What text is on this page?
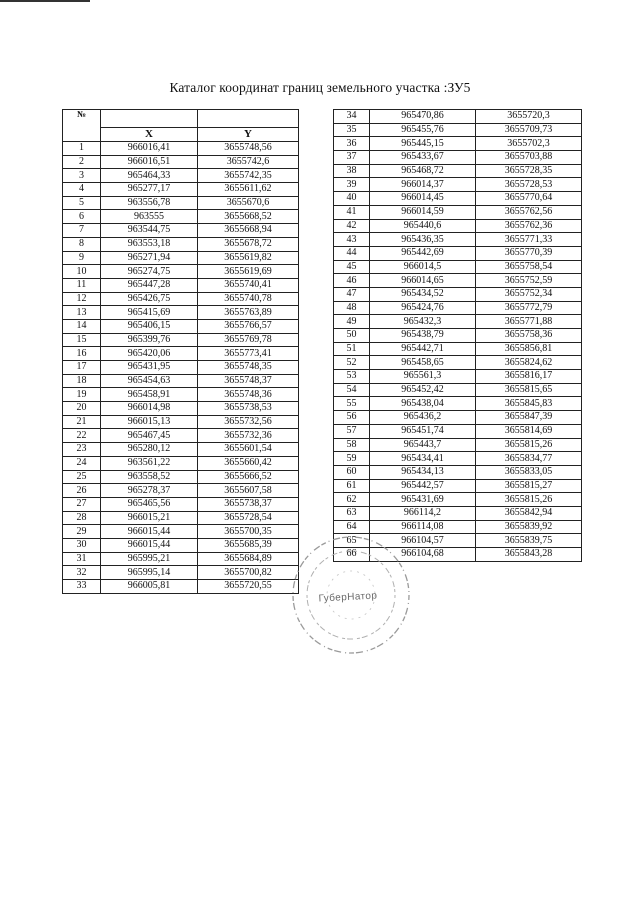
Каталог координат границ земельного участка :ЗУ5
№		
	X	Y
1	966016,41	3655748,56
2	966016,51	3655742,6
3	965464,33	3655742,35
4	965277,17	3655611,62
5	963556,78	3655670,6
6	963555	3655668,52
7	963544,75	3655668,94
8	963553,18	3655678,72
9	965271,94	3655619,82
10	965274,75	3655619,69
11	965447,28	3655740,41
12	965426,75	3655740,78
13	965415,69	3655763,89
14	965406,15	3655766,57
15	965399,76	3655769,78
16	965420,06	3655773,41
17	965431,95	3655748,35
18	965454,63	3655748,37
19	965458,91	3655748,36
20	966014,98	3655738,53
21	966015,13	3655732,56
22	965467,45	3655732,36
23	965280,12	3655601,54
24	963561,22	3655660,42
25	963558,52	3655666,52
26	965278,37	3655607,58
27	965465,56	3655738,37
28	966015,21	3655728,54
29	966015,44	3655700,35
30	966015,44	3655685,39
31	965995,21	3655684,89
32	965995,14	3655700,82
33	966005,81	3655720,55
34	965470,86	3655720,3
35	965455,76	3655709,73
36	965445,15	3655702,3
37	965433,67	3655703,88
38	965468,72	3655728,35
39	966014,37	3655728,53
40	966014,45	3655770,64
41	966014,59	3655762,56
42	965440,6	3655762,36
43	965436,35	3655771,33
44	965442,69	3655770,39
45	966014,5	3655758,54
46	966014,65	3655752,59
47	965434,52	3655752,34
48	965424,76	3655772,79
49	965432,3	3655771,88
50	965438,79	3655758,36
51	965442,71	3655856,81
52	965458,65	3655824,62
53	965561,3	3655816,17
54	965452,42	3655815,65
55	965438,04	3655845,83
56	965436,2	3655847,39
57	965451,74	3655814,69
58	965443,7	3655815,26
59	965434,41	3655834,77
60	965434,13	3655833,05
61	965442,57	3655815,27
62	965431,69	3655815,26
63	966114,2	3655842,94
64	966114,08	3655839,92
65	966104,57	3655839,75
66	966104,68	3655843,28
ГуберНатор
